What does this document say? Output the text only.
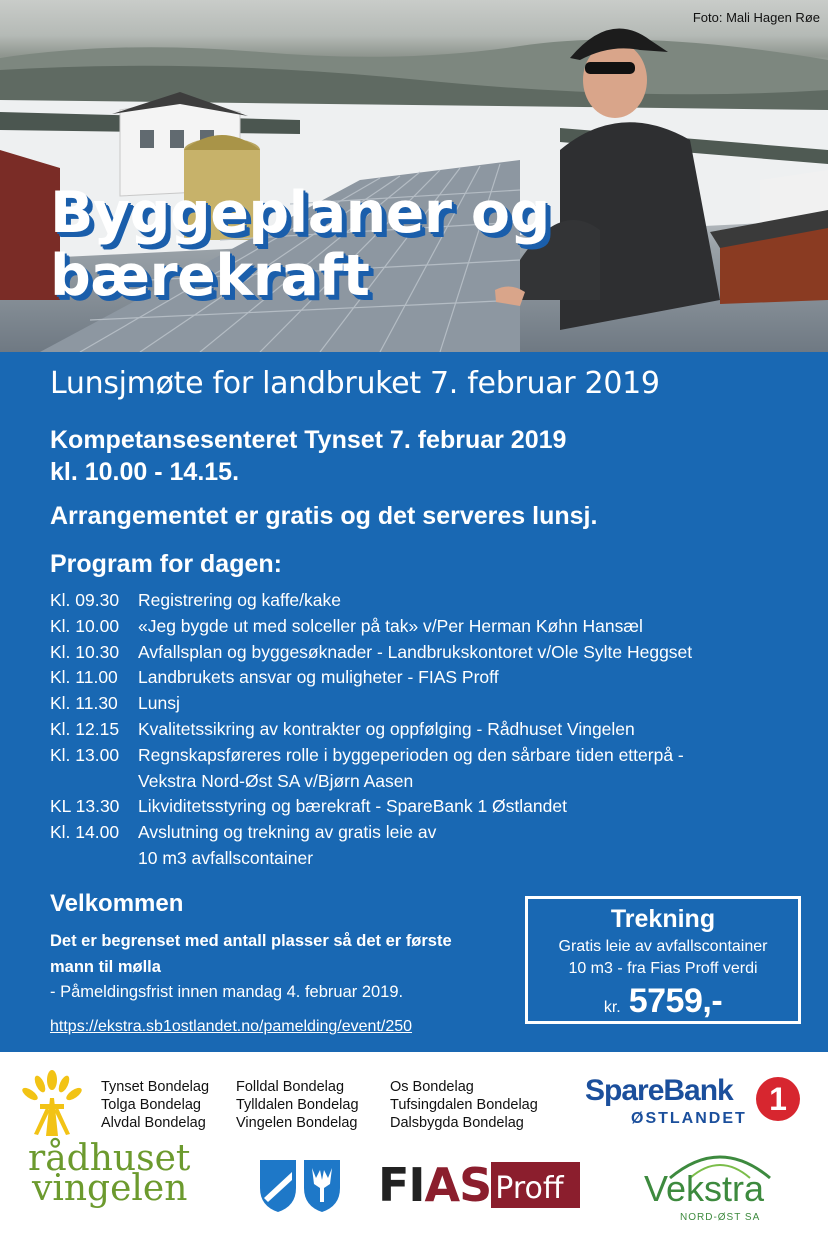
Foto: Mali Hagen Røe
Byggeplaner og
bærekraft
Lunsjmøte for landbruket 7. februar 2019

Kompetansesenteret Tynset 7. februar 2019
kl. 10.00 - 14.15.

Arrangementet er gratis og det serveres lunsj.

Program for dagen:
Kl. 09.30	Registrering og kaffe/kake
Kl. 10.00	«Jeg bygde ut med solceller på tak» v/Per Herman Køhn Hansæl
Kl. 10.30	Avfallsplan og byggesøknader - Landbrukskontoret v/Ole Sylte Heggset
Kl. 11.00	Landbrukets ansvar og muligheter - FIAS Proff
Kl. 11.30	Lunsj
Kl. 12.15	Kvalitetssikring av kontrakter og oppfølging - Rådhuset Vingelen
Kl. 13.00	Regnskapsføreres rolle i byggeperioden og den sårbare tiden etterpå -
Vekstra Nord-Øst SA v/Bjørn Aasen
KL 13.30	Likviditetsstyring og bærekraft - SpareBank 1 Østlandet
Kl. 14.00	Avslutning og trekning av gratis leie av
10 m3 avfallscontainer
Velkommen

Det er begrenset med antall plasser så det er første mann til mølla

- Påmeldingsfrist innen mandag 4. februar 2019.

https://ekstra.sb1ostlandet.no/pamelding/event/250

Trekning

Gratis leie av avfallscontainer

10 m3 - fra Fias Proff verdi

kr. 5759,-

Tynset Bondelag
Tolga Bondelag
Alvdal Bondelag
Folldal Bondelag
Tylldalen Bondelag
Vingelen Bondelag
Os Bondelag
Tufsingdalen Bondelag
Dalsbygda Bondelag
SpareBank
ØSTLANDET
1
rådhuset
vingelen	FI AS Proff	Vekstra
NORD-ØST SA
